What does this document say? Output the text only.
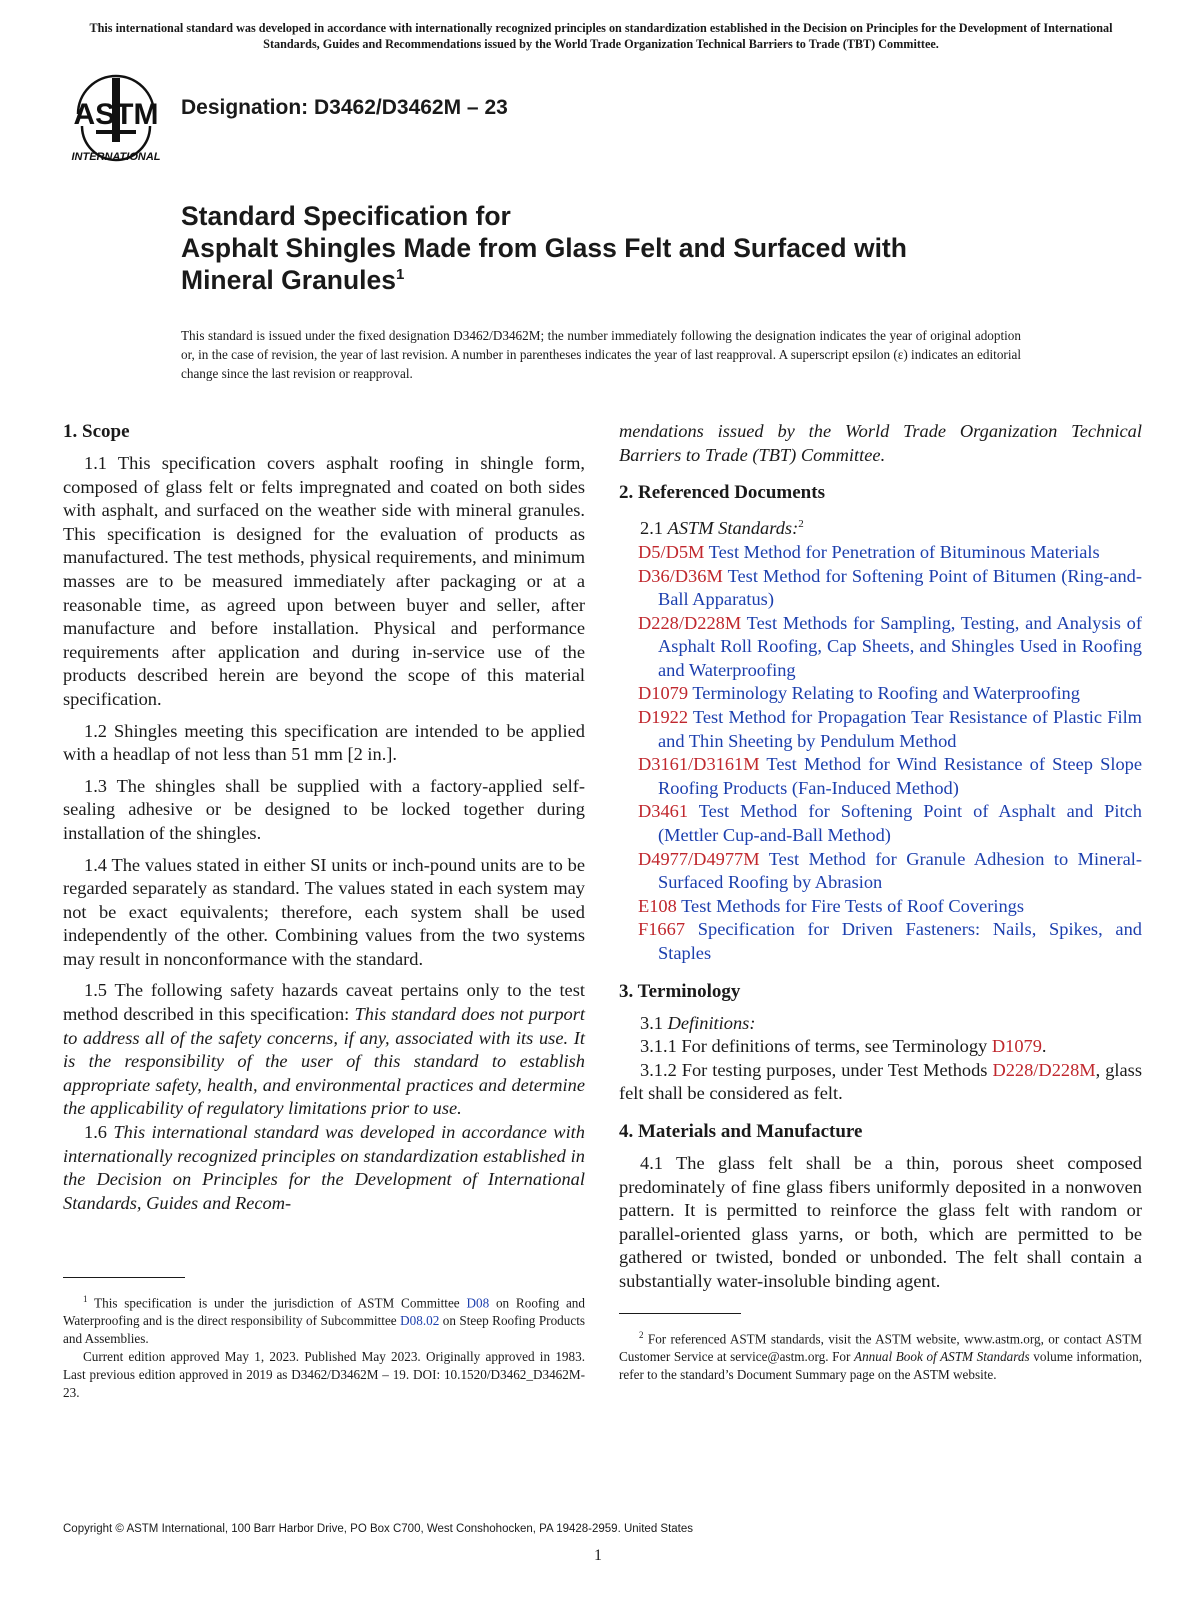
This international standard was developed in accordance with internationally recognized principles on standardization established in the Decision on Principles for the Development of International Standards, Guides and Recommendations issued by the World Trade Organization Technical Barriers to Trade (TBT) Committee.
ASTM
INTERNATIONAL
Designation: D3462/D3462M – 23
Standard Specification for
Asphalt Shingles Made from Glass Felt and Surfaced with
Mineral Granules$^1$
This standard is issued under the fixed designation D3462/D3462M; the number immediately following the designation indicates the year of original adoption or, in the case of revision, the year of last revision. A number in parentheses indicates the year of last reapproval. A superscript epsilon (ε) indicates an editorial change since the last revision or reapproval.
1. Scope

1.1 This specification covers asphalt roofing in shingle form, composed of glass felt or felts impregnated and coated on both sides with asphalt, and surfaced on the weather side with mineral granules. This specification is designed for the evaluation of products as manufactured. The test methods, physical requirements, and minimum masses are to be measured immediately after packaging or at a reasonable time, as agreed upon between buyer and seller, after manufacture and before installation. Physical and performance requirements after application and during in-service use of the products described herein are beyond the scope of this material specification.

1.2 Shingles meeting this specification are intended to be applied with a headlap of not less than 51 mm [2 in.].

1.3 The shingles shall be supplied with a factory-applied self-sealing adhesive or be designed to be locked together during installation of the shingles.

1.4 The values stated in either SI units or inch-pound units are to be regarded separately as standard. The values stated in each system may not be exact equivalents; therefore, each system shall be used independently of the other. Combining values from the two systems may result in nonconformance with the standard.

1.5 The following safety hazards caveat pertains only to the test method described in this specification: This standard does not purport to address all of the safety concerns, if any, associated with its use. It is the responsibility of the user of this standard to establish appropriate safety, health, and environmental practices and determine the applicability of regulatory limitations prior to use.

1.6 This international standard was developed in accordance with internationally recognized principles on standardization established in the Decision on Principles for the Development of International Standards, Guides and Recom-

$^1$ This specification is under the jurisdiction of ASTM Committee D08 on Roofing and Waterproofing and is the direct responsibility of Subcommittee D08.02 on Steep Roofing Products and Assemblies.

Current edition approved May 1, 2023. Published May 2023. Originally approved in 1983. Last previous edition approved in 2019 as D3462/D3462M – 19. DOI: 10.1520/D3462_D3462M-23.

mendations issued by the World Trade Organization Technical Barriers to Trade (TBT) Committee.

2. Referenced Documents

2.1 ASTM Standards:$^2$

D5/D5M Test Method for Penetration of Bituminous Materials
D36/D36M Test Method for Softening Point of Bitumen (Ring-and-Ball Apparatus)
D228/D228M Test Methods for Sampling, Testing, and Analysis of Asphalt Roll Roofing, Cap Sheets, and Shingles Used in Roofing and Waterproofing
D1079 Terminology Relating to Roofing and Waterproofing
D1922 Test Method for Propagation Tear Resistance of Plastic Film and Thin Sheeting by Pendulum Method
D3161/D3161M Test Method for Wind Resistance of Steep Slope Roofing Products (Fan-Induced Method)
D3461 Test Method for Softening Point of Asphalt and Pitch (Mettler Cup-and-Ball Method)
D4977/D4977M Test Method for Granule Adhesion to Mineral-Surfaced Roofing by Abrasion
E108 Test Methods for Fire Tests of Roof Coverings
F1667 Specification for Driven Fasteners: Nails, Spikes, and Staples
3. Terminology

3.1 Definitions:

3.1.1 For definitions of terms, see Terminology D1079.

3.1.2 For testing purposes, under Test Methods D228/D228M, glass felt shall be considered as felt.

4. Materials and Manufacture

4.1 The glass felt shall be a thin, porous sheet composed predominately of fine glass fibers uniformly deposited in a nonwoven pattern. It is permitted to reinforce the glass felt with random or parallel-oriented glass yarns, or both, which are permitted to be gathered or twisted, bonded or unbonded. The felt shall contain a substantially water-insoluble binding agent.

$^2$ For referenced ASTM standards, visit the ASTM website, www.astm.org, or contact ASTM Customer Service at service@astm.org. For Annual Book of ASTM Standards volume information, refer to the standard’s Document Summary page on the ASTM website.

Copyright © ASTM International, 100 Barr Harbor Drive, PO Box C700, West Conshohocken, PA 19428-2959. United States
1
